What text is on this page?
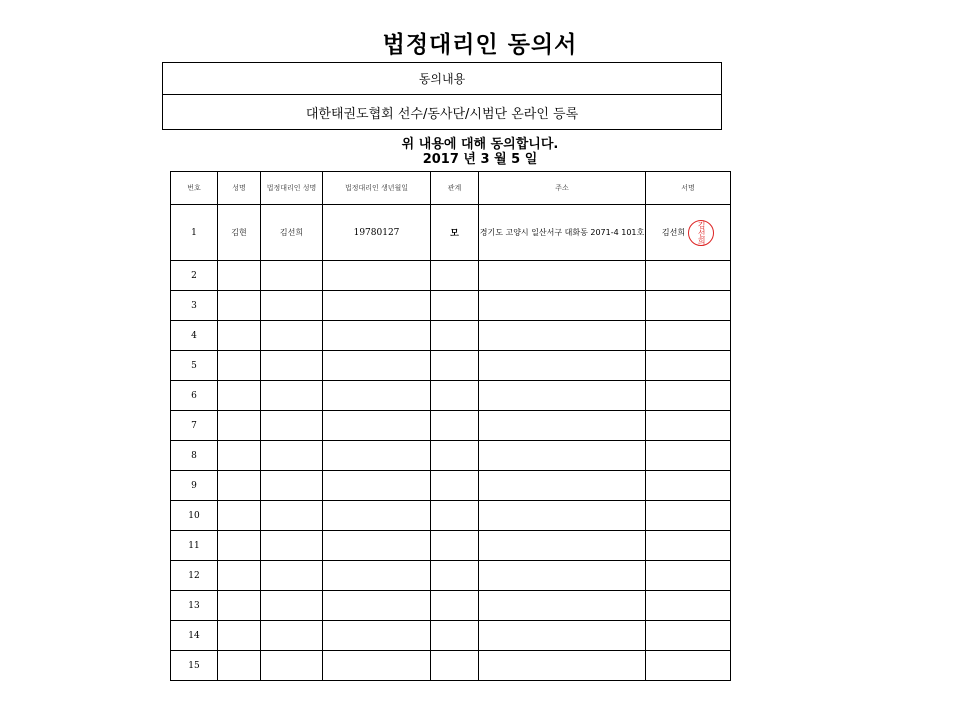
법정대리인 동의서
동의내용
대한태권도협회 선수/동사단/시범단 온라인 등록
위 내용에 대해 동의합니다.
2017 년 3 월 5 일
번호	성명	법정대리인 성명	법정대리인 생년월일	관계	주소	서명
1	김현	김선희	19780127	모	경기도 고양시 일산서구 대화동 2071-4 101호	김선희 김선희

2						
3						
4						
5						
6						
7						
8						
9						
10						
11						
12						
13						
14						
15						
